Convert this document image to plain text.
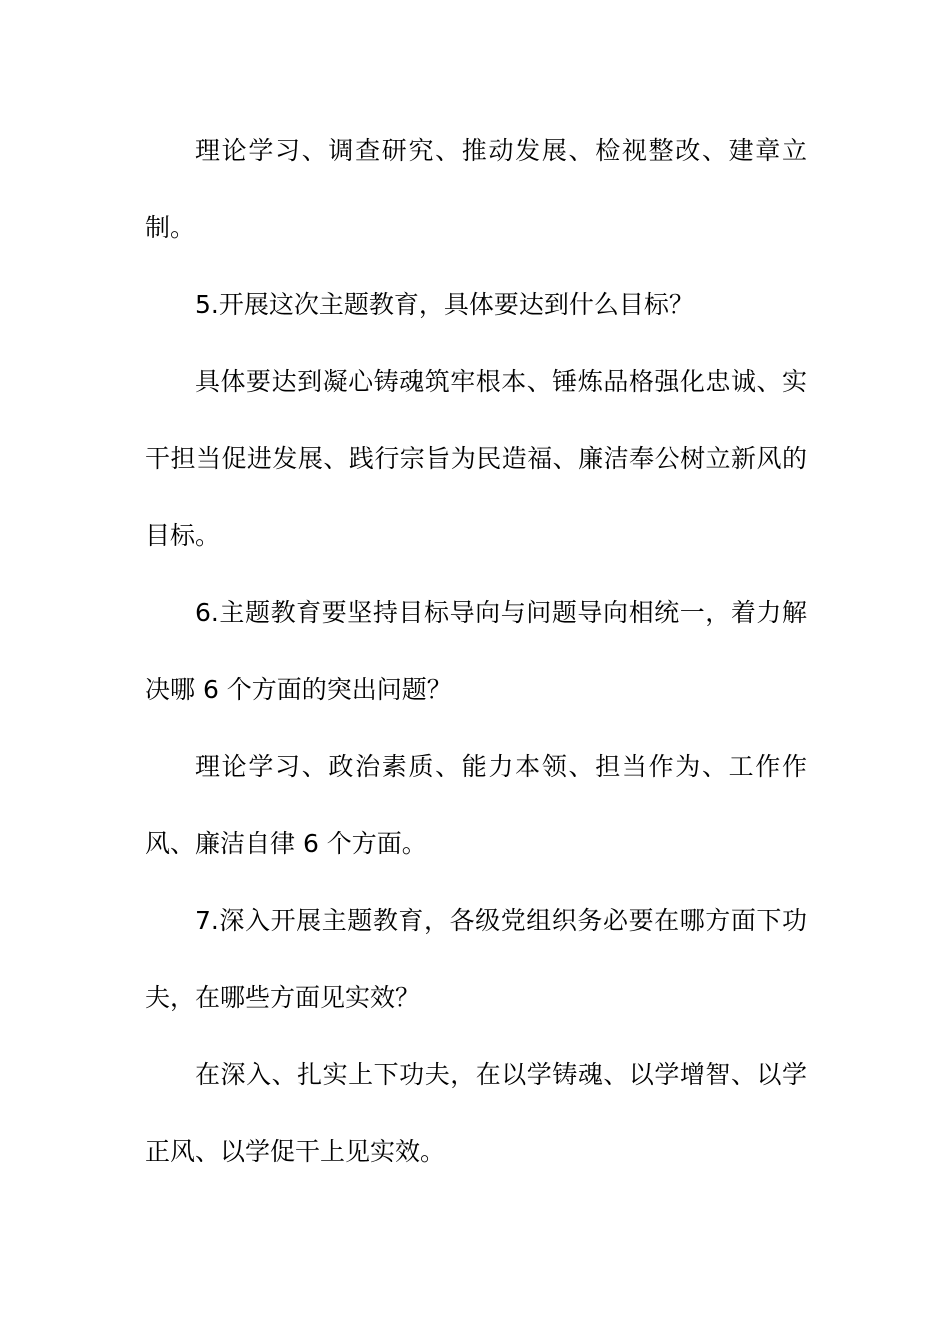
理论学习、调查研究、推动发展、检视整改、建章立制。

5.开展这次主题教育，具体要达到什么目标？

具体要达到凝心铸魂筑牢根本、锤炼品格强化忠诚、实干担当促进发展、践行宗旨为民造福、廉洁奉公树立新风的目标。

6.主题教育要坚持目标导向与问题导向相统一，着力解决哪 6 个方面的突出问题？

理论学习、政治素质、能力本领、担当作为、工作作风、廉洁自律 6 个方面。

7.深入开展主题教育，各级党组织务必要在哪方面下功夫，在哪些方面见实效？

在深入、扎实上下功夫，在以学铸魂、以学增智、以学正风、以学促干上见实效。
